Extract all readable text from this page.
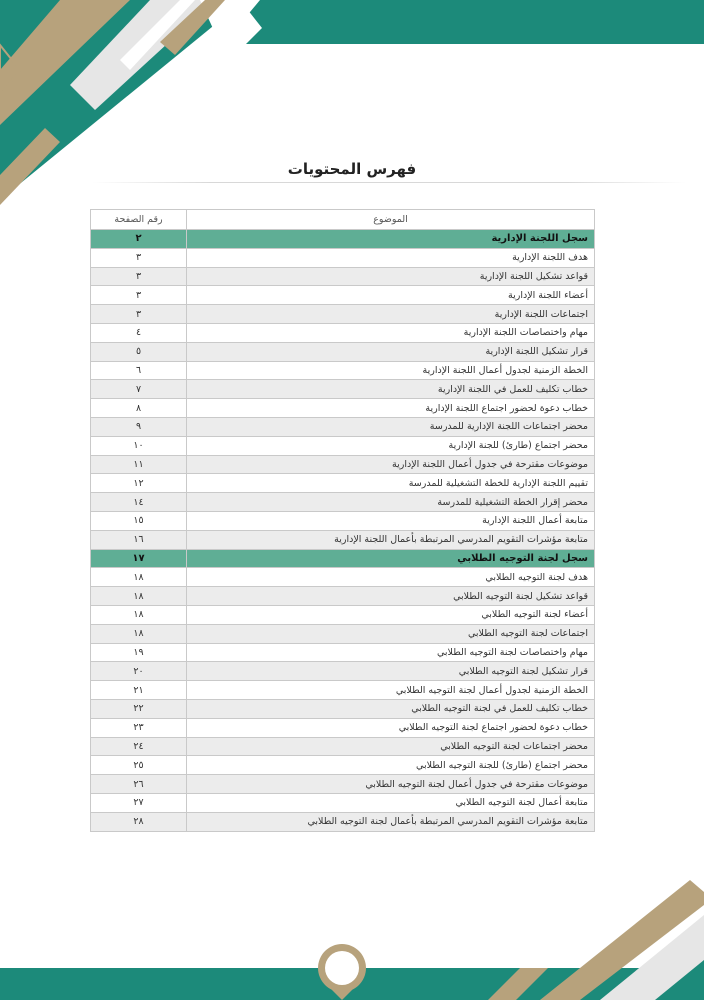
فهرس المحتويات
الموضوع	رقم الصفحة
سجل اللجنة الإدارية	٢
هدف اللجنة الإدارية	٣
قواعد تشكيل اللجنة الإدارية	٣
أعضاء اللجنة الإدارية	٣
اجتماعات اللجنة الإدارية	٣
مهام واختصاصات اللجنة الإدارية	٤
قرار تشكيل اللجنة الإدارية	٥
الخطة الزمنية لجدول أعمال اللجنة الإدارية	٦
خطاب تكليف للعمل في اللجنة الإدارية	٧
خطاب دعوة لحضور اجتماع اللجنة الإدارية	٨
محضر اجتماعات اللجنة الإدارية للمدرسة	٩
محضر اجتماع (طارئ) للجنة الإدارية	١٠
موضوعات مقترحة في جدول أعمال اللجنة الإدارية	١١
تقييم اللجنة الإدارية للخطة التشغيلية للمدرسة	١٢
محضر إقرار الخطة التشغيلية للمدرسة	١٤
متابعة أعمال اللجنة الإدارية	١٥
متابعة مؤشرات التقويم المدرسي المرتبطة بأعمال اللجنة الإدارية	١٦
سجل لجنة التوجيه الطلابي	١٧
هدف لجنة التوجيه الطلابي	١٨
قواعد تشكيل لجنة التوجيه الطلابي	١٨
أعضاء لجنة التوجيه الطلابي	١٨
اجتماعات لجنة التوجيه الطلابي	١٨
مهام واختصاصات لجنة التوجيه الطلابي	١٩
قرار تشكيل لجنة التوجيه الطلابي	٢٠
الخطة الزمنية لجدول أعمال لجنة التوجيه الطلابي	٢١
خطاب تكليف للعمل في لجنة التوجيه الطلابي	٢٢
خطاب دعوة لحضور اجتماع لجنة التوجيه الطلابي	٢٣
محضر اجتماعات لجنة التوجيه الطلابي	٢٤
محضر اجتماع (طارئ) للجنة التوجيه الطلابي	٢٥
موضوعات مقترحة في جدول أعمال لجنة التوجيه الطلابي	٢٦
متابعة أعمال لجنة التوجيه الطلابي	٢٧
متابعة مؤشرات التقويم المدرسي المرتبطة بأعمال لجنة التوجيه الطلابي	٢٨
